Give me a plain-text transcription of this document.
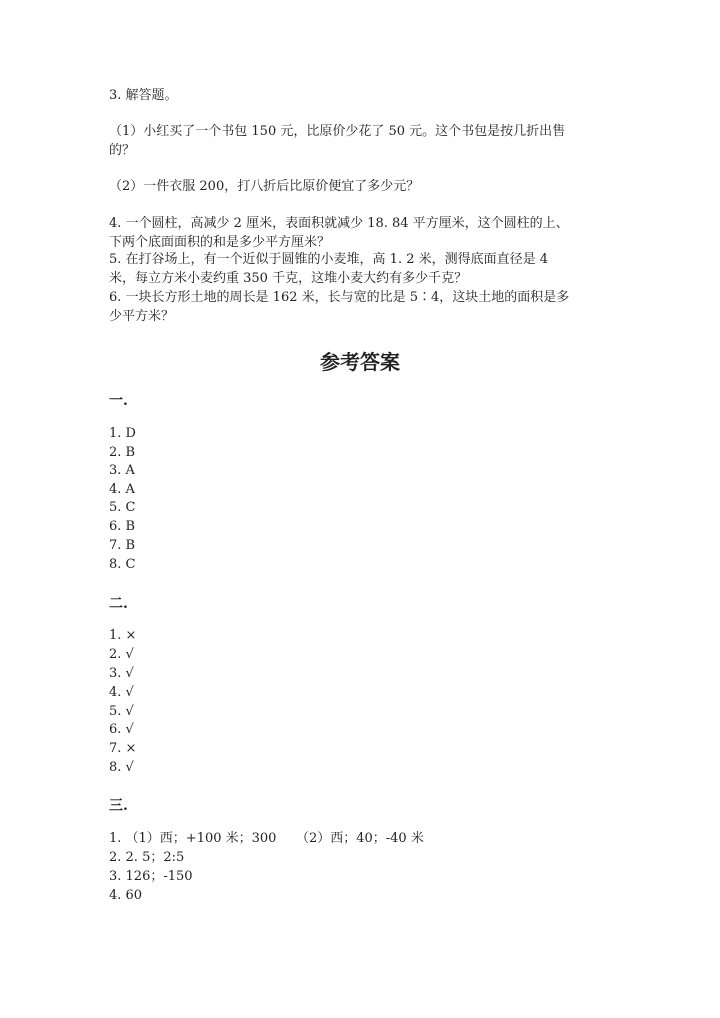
3. 解答题。
（1）小红买了一个书包 150 元，比原价少花了 50 元。这个书包是按几折出售
的？
（2）一件衣服 200，打八折后比原价便宜了多少元？
4. 一个圆柱，高减少 2 厘米，表面积就减少 18. 84 平方厘米，这个圆柱的上、
下两个底面面积的和是多少平方厘米？
5. 在打谷场上，有一个近似于圆锥的小麦堆，高 1. 2 米，测得底面直径是 4
米，每立方米小麦约重 350 千克，这堆小麦大约有多少千克？
6. 一块长方形土地的周长是 162 米，长与宽的比是 5∶4，这块土地的面积是多
少平方米？
参考答案
一.
1. D
2. B
3. A
4. A
5. C
6. B
7. B
8. C
二.
1. ×
2. √
3. √
4. √
5. √
6. √
7. ×
8. √
三.
1. （1）西；+100 米；300　　（2）西；40；-40 米
2. 2. 5；2:5
3. 126；-150
4. 60
